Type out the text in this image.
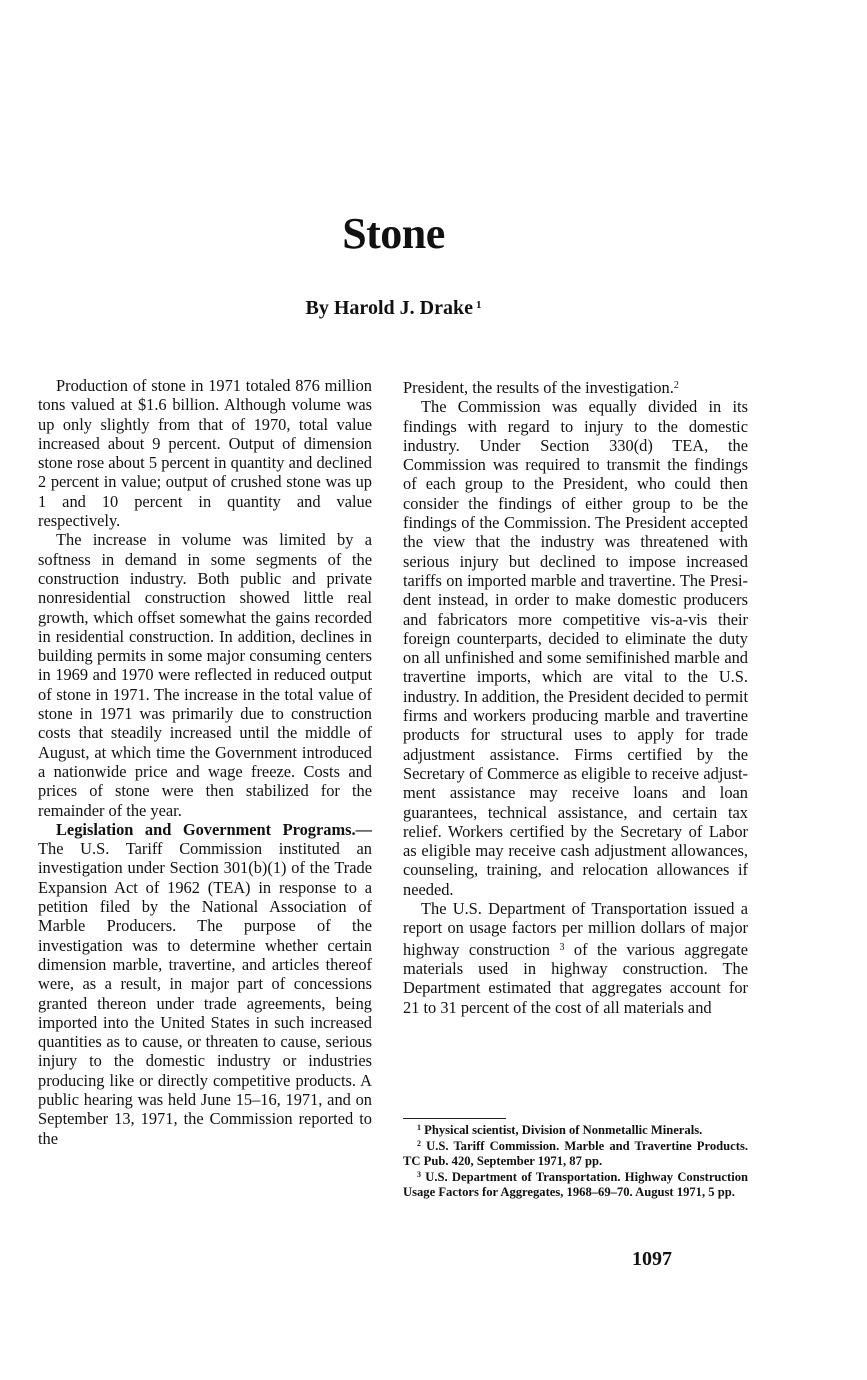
Stone
By Harold J. Drake $^1$

Production of stone in 1971 totaled 876 million tons valued at $1.6 billion. Although volume was up only slightly from that of 1970, total value increased about 9 percent. Output of dimension stone rose about 5 percent in quantity and declined 2 percent in value; output of crushed stone was up 1 and 10 percent in quantity and value respectively.

The increase in volume was limited by a softness in demand in some segments of the construction industry. Both public and private nonresidential construction showed little real growth, which offset somewhat the gains recorded in residential construction. In addition, declines in building permits in some major consuming centers in 1969 and 1970 were reflected in reduced output of stone in 1971. The increase in the total value of stone in 1971 was primarily due to construction costs that steadily increased until the middle of August, at which time the Government introduced a nationwide price and wage freeze. Costs and prices of stone were then stabilized for the remainder of the year.

Legislation and Government Programs.— The U.S. Tariff Commission instituted an investigation under Section 301(b)(1) of the Trade Expansion Act of 1962 (TEA) in response to a petition filed by the National Association of Marble Producers. The purpose of the investigation was to determine whether certain dimension marble, travertine, and articles thereof were, as a result, in major part of concessions granted thereon under trade agreements, being imported into the United States in such increased quantities as to cause, or threaten to cause, serious injury to the domestic industry or industries producing like or directly competitive products. A public hearing was held June 15–16, 1971, and on September 13, 1971, the Commission reported to the

President, the results of the investigation.$^2$

The Commission was equally divided in its findings with regard to injury to the domestic industry. Under Section 330(d) TEA, the Commission was required to transmit the findings of each group to the President, who could then consider the findings of either group to be the findings of the Commission. The President accepted the view that the industry was threatened with serious injury but declined to impose increased tariffs on imported marble and travertine. The President instead, in order to make domestic producers and fabricators more competitive vis-a-vis their foreign counterparts, decided to eliminate the duty on all unfinished and some semifinished marble and travertine imports, which are vital to the U.S. industry. In addition, the President decided to permit firms and workers producing marble and travertine products for structural uses to apply for trade adjustment assistance. Firms certified by the Secretary of Commerce as eligible to receive adjustment assistance may receive loans and loan guarantees, technical assistance, and certain tax relief. Workers certified by the Secretary of Labor as eligible may receive cash adjustment allowances, counseling, training, and relocation allowances if needed.

The U.S. Department of Transportation issued a report on usage factors per million dollars of major highway construction $^3$ of the various aggregate materials used in highway construction. The Department estimated that aggregates account for 21 to 31 percent of the cost of all materials and

$^1$ Physical scientist, Division of Nonmetallic Minerals.

$^2$ U.S. Tariff Commission. Marble and Travertine Products. TC Pub. 420, September 1971, 87 pp.

$^3$ U.S. Department of Transportation. Highway Construction Usage Factors for Aggregates, 1968–69–70. August 1971, 5 pp.

1097
